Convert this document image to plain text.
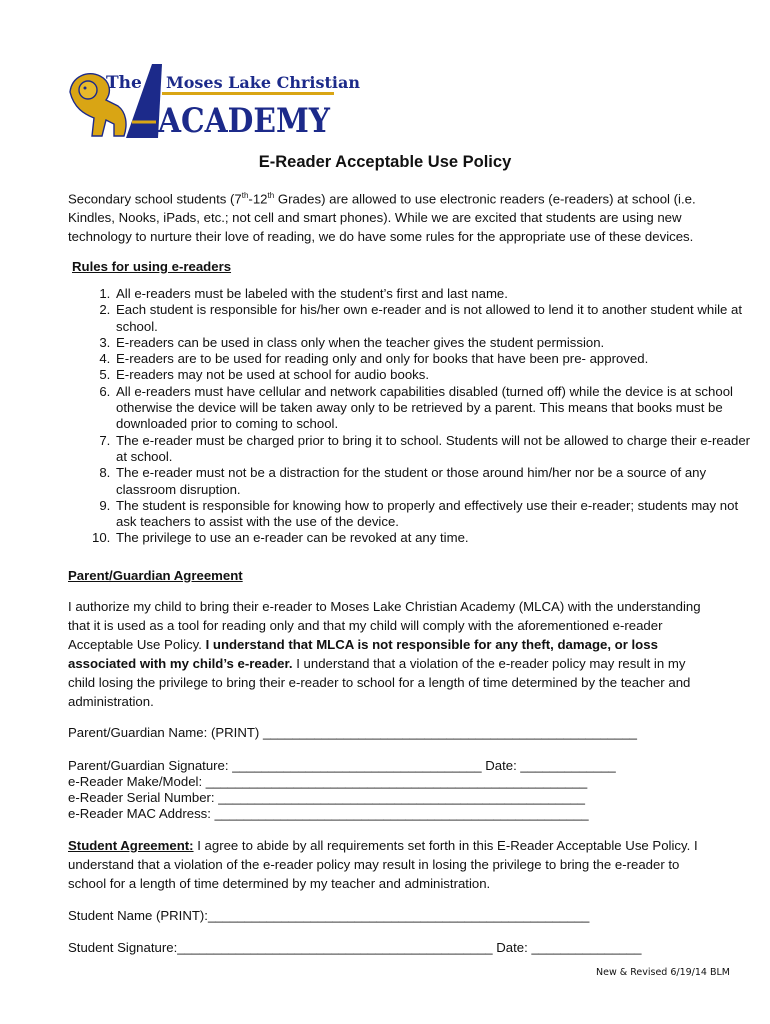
The Moses Lake Christian
ACADEMY
E-Reader Acceptable Use Policy

Secondary school students (7th-12th Grades) are allowed to use electronic readers (e-readers) at school (i.e. Kindles, Nooks, iPads, etc.; not cell and smart phones). While we are excited that students are using new technology to nurture their love of reading, we do have some rules for the appropriate use of these devices.

Rules for using e-readers
1. All e-readers must be labeled with the student’s first and last name.
2. Each student is responsible for his/her own e-reader and is not allowed to lend it to another student while at school.
3. E-readers can be used in class only when the teacher gives the student permission.
4. E-readers are to be used for reading only and only for books that have been pre- approved.
5. E-readers may not be used at school for audio books.
6. All e-readers must have cellular and network capabilities disabled (turned off) while the device is at school otherwise the device will be taken away only to be retrieved by a parent. This means that books must be downloaded prior to coming to school.
7. The e-reader must be charged prior to bring it to school. Students will not be allowed to charge their e-reader at school.
8. The e-reader must not be a distraction for the student or those around him/her nor be a source of any classroom disruption.
9. The student is responsible for knowing how to properly and effectively use their e-reader; students may not ask teachers to assist with the use of the device.
10. The privilege to use an e-reader can be revoked at any time.
Parent/Guardian Agreement

I authorize my child to bring their e-reader to Moses Lake Christian Academy (MLCA) with the understanding that it is used as a tool for reading only and that my child will comply with the aforementioned e-reader Acceptable Use Policy. I understand that MLCA is not responsible for any theft, damage, or loss associated with my child’s e-reader. I understand that a violation of the e-reader policy may result in my child losing the privilege to bring their e-reader to school for a length of time determined by the teacher and administration.

Parent/Guardian Name: (PRINT) ___________________________________________________
Parent/Guardian Signature: __________________________________ Date: _____________
e-Reader Make/Model: ____________________________________________________
e-Reader Serial Number: __________________________________________________
e-Reader MAC Address: ___________________________________________________

Student Agreement: I agree to abide by all requirements set forth in this E-Reader Acceptable Use Policy. I understand that a violation of the e-reader policy may result in losing the privilege to bring the e-reader to school for a length of time determined by my teacher and administration.

Student Name (PRINT):____________________________________________________
Student Signature:___________________________________________ Date: _______________
New & Revised 6/19/14 BLM
